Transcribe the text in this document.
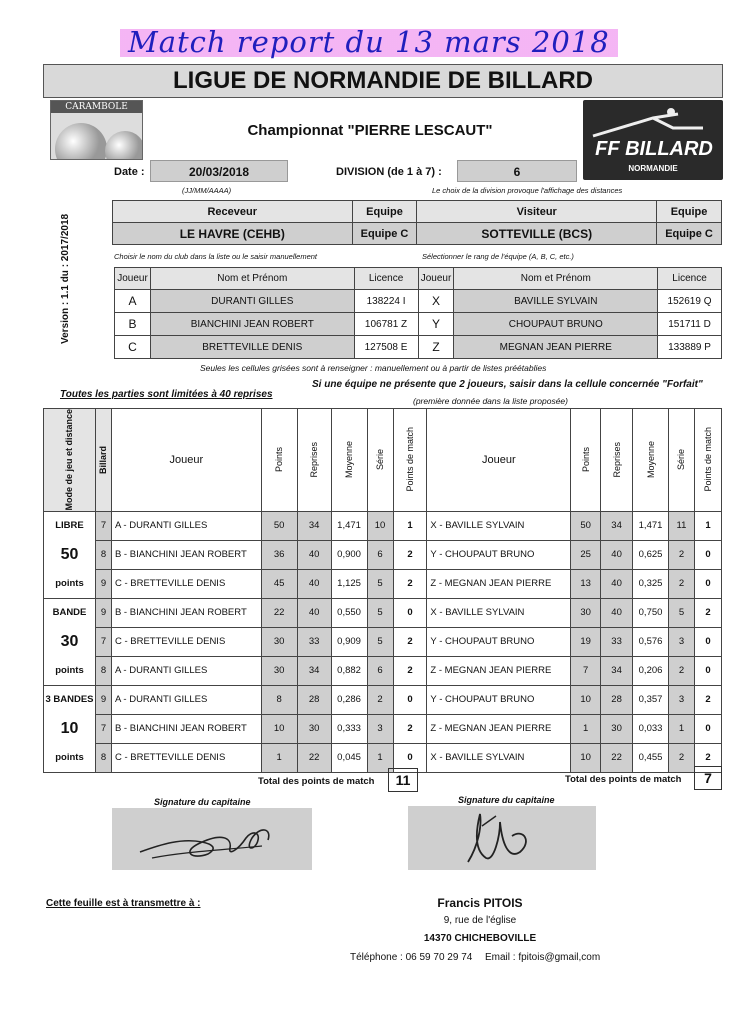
Match report du 13 mars 2018
LIGUE DE NORMANDIE DE BILLARD
CARAMBOLE
Championnat "PIERRE LESCAUT"
FF BILLARD
NORMANDIE
Date :	20/03/2018
(JJ/MM/AAAA)
DIVISION (de 1 à 7) :	6
Le choix de la division provoque l'affichage des distances
Version : 1.1 du : 2017/2018
Receveur	Equipe	Visiteur	Equipe
LE HAVRE (CEHB)	Equipe C	SOTTEVILLE (BCS)	Equipe C
Choisir le nom du club dans la liste ou le saisir manuellement	Sélectionner le rang de l'équipe (A, B, C, etc.)
Joueur	Nom et Prénom	Licence	Joueur	Nom et Prénom	Licence
A	DURANTI GILLES	138224 I	X	BAVILLE SYLVAIN	152619 Q
B	BIANCHINI JEAN ROBERT	106781 Z	Y	CHOUPAUT BRUNO	151711 D
C	BRETTEVILLE DENIS	127508 E	Z	MEGNAN JEAN PIERRE	133889 P
Seules les cellules grisées sont à renseigner : manuellement ou à partir de listes préétablies
Toutes les parties sont limitées à 40 reprises
Si une équipe ne présente que 2 joueurs, saisir dans la cellule concernée "Forfait"
(première donnée dans la liste proposée)
Mode de jeu et distance	Billard	Joueur	Points	Reprises	Moyenne	Série	Points de match	Joueur	Points	Reprises	Moyenne	Série	Points de match

LIBRE	7	A - DURANTI GILLES	50	34	1,471	10	1	X - BAVILLE SYLVAIN	50	34	1,471	11	1
50	8	B - BIANCHINI JEAN ROBERT	36	40	0,900	6	2	Y - CHOUPAUT BRUNO	25	40	0,625	2	0
points	9	C - BRETTEVILLE DENIS	45	40	1,125	5	2	Z - MEGNAN JEAN PIERRE	13	40	0,325	2	0
BANDE	9	B - BIANCHINI JEAN ROBERT	22	40	0,550	5	0	X - BAVILLE SYLVAIN	30	40	0,750	5	2
30	7	C - BRETTEVILLE DENIS	30	33	0,909	5	2	Y - CHOUPAUT BRUNO	19	33	0,576	3	0
points	8	A - DURANTI GILLES	30	34	0,882	6	2	Z - MEGNAN JEAN PIERRE	7	34	0,206	2	0
3 BANDES	9	A - DURANTI GILLES	8	28	0,286	2	0	Y - CHOUPAUT BRUNO	10	28	0,357	3	2
10	7	B - BIANCHINI JEAN ROBERT	10	30	0,333	3	2	Z - MEGNAN JEAN PIERRE	1	30	0,033	1	0
points	8	C - BRETTEVILLE DENIS	1	22	0,045	1	0	X - BAVILLE SYLVAIN	10	22	0,455	2	2
Total des points de match	11	Total des points de match	7
Signature du capitaine	Signature du capitaine
Cette feuille est à transmettre à :	Francis PITOIS
9, rue de l'église
14370 CHICHEBOVILLE
Téléphone : 06 59 70 29 74 Email : fpitois@gmail,com
